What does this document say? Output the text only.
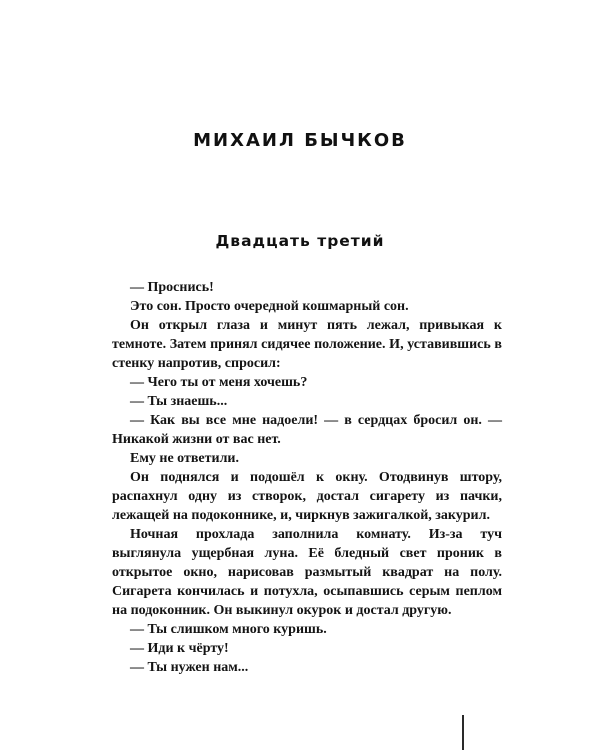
МИХАИЛ БЫЧКОВ
Двадцать третий

— Проснись!

Это сон. Просто очередной кошмарный сон.

Он открыл глаза и минут пять лежал, привыкая к темноте. Затем принял сидячее положение. И, уставившись в стенку напротив, спросил:

— Чего ты от меня хочешь?

— Ты знаешь...

— Как вы все мне надоели! — в сердцах бросил он. — Никакой жизни от вас нет.

Ему не ответили.

Он поднялся и подошёл к окну. Отодвинув штору, распахнул одну из створок, достал сигарету из пачки, лежащей на подоконнике, и, чиркнув зажигалкой, закурил.

Ночная прохлада заполнила комнату. Из-за туч выглянула ущербная луна. Её бледный свет проник в открытое окно, нарисовав размытый квадрат на полу. Сигарета кончилась и потухла, осыпавшись серым пеплом на подоконник. Он выкинул окурок и достал другую.

— Ты слишком много куришь.

— Иди к чёрту!

— Ты нужен нам...
